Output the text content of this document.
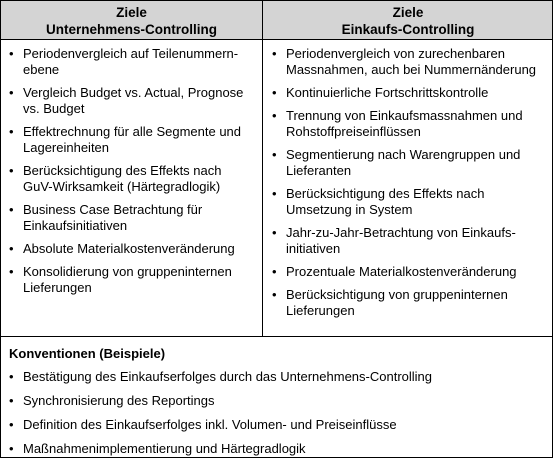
Ziele
Unternehmens-Controlling
Ziele
Einkaufs-Controlling
• Periodenvergleich auf Teilenummern-
ebene
• Vergleich Budget vs. Actual, Prognose
vs. Budget
• Effektrechnung für alle Segmente und
Lagereinheiten
• Berücksichtigung des Effekts nach
GuV-Wirksamkeit (Härtegradlogik)
• Business Case Betrachtung für
Einkaufsinitiativen
• Absolute Materialkostenveränderung
• Konsolidierung von gruppeninternen
Lieferungen
• Periodenvergleich von zurechenbaren
Massnahmen, auch bei Nummernänderung
• Kontinuierliche Fortschrittskontrolle
• Trennung von Einkaufsmassnahmen und
Rohstoffpreiseinflüssen
• Segmentierung nach Warengruppen und
Lieferanten
• Berücksichtigung des Effekts nach
Umsetzung in System
• Jahr-zu-Jahr-Betrachtung von Einkaufs-
initiativen
• Prozentuale Materialkostenveränderung
• Berücksichtigung von gruppeninternen
Lieferungen
Konventionen (Beispiele)
• Bestätigung des Einkaufserfolges durch das Unternehmens-Controlling
• Synchronisierung des Reportings
• Definition des Einkaufserfolges inkl. Volumen- und Preiseinflüsse
• Maßnahmenimplementierung und Härtegradlogik
